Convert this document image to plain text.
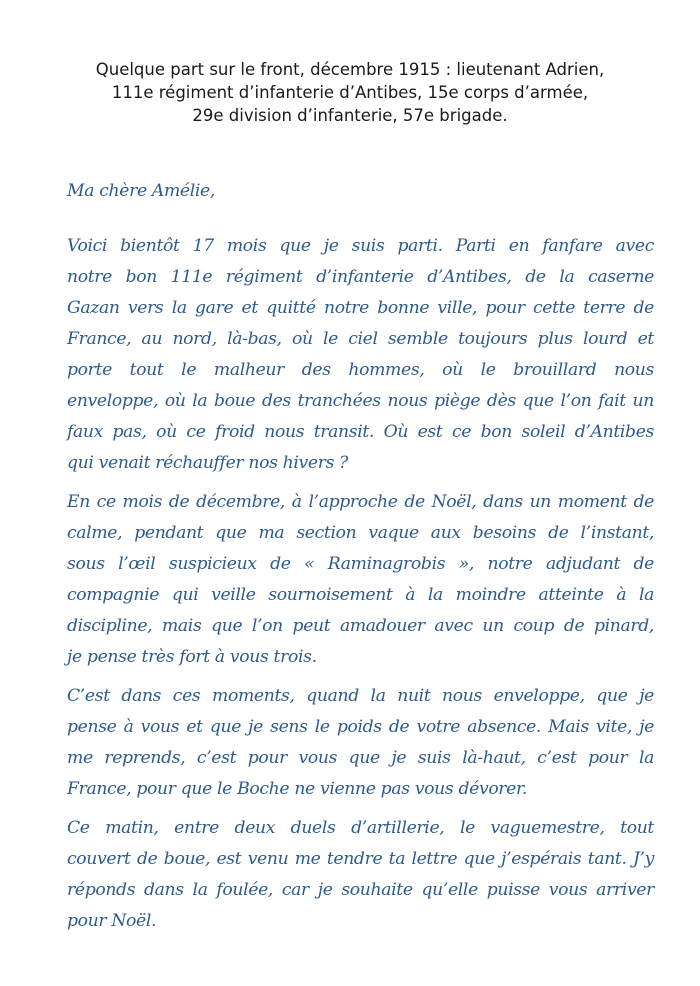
Quelque part sur le front, décembre 1915 : lieutenant Adrien,
111e régiment d’infanterie d’Antibes, 15e corps d’armée,
29e division d’infanterie, 57e brigade.
Ma chère Amélie,
Voici bientôt 17 mois que je suis parti. Parti en fanfare avec
notre bon 111e régiment d’infanterie d’Antibes, de la caserne
Gazan vers la gare et quitté notre bonne ville, pour cette terre de
France, au nord, là-bas, où le ciel semble toujours plus lourd et
porte tout le malheur des hommes, où le brouillard nous
enveloppe, où la boue des tranchées nous piège dès que l’on fait un
faux pas, où ce froid nous transit. Où est ce bon soleil d’Antibes
qui venait réchauffer nos hivers ?
En ce mois de décembre, à l’approche de Noël, dans un moment de
calme, pendant que ma section vaque aux besoins de l’instant,
sous l’œil suspicieux de « Raminagrobis », notre adjudant de
compagnie qui veille sournoisement à la moindre atteinte à la
discipline, mais que l’on peut amadouer avec un coup de pinard,
je pense très fort à vous trois.
C’est dans ces moments, quand la nuit nous enveloppe, que je
pense à vous et que je sens le poids de votre absence. Mais vite, je
me reprends, c’est pour vous que je suis là-haut, c’est pour la
France, pour que le Boche ne vienne pas vous dévorer.
Ce matin, entre deux duels d’artillerie, le vaguemestre, tout
couvert de boue, est venu me tendre ta lettre que j’espérais tant. J’y
réponds dans la foulée, car je souhaite qu’elle puisse vous arriver
pour Noël.
